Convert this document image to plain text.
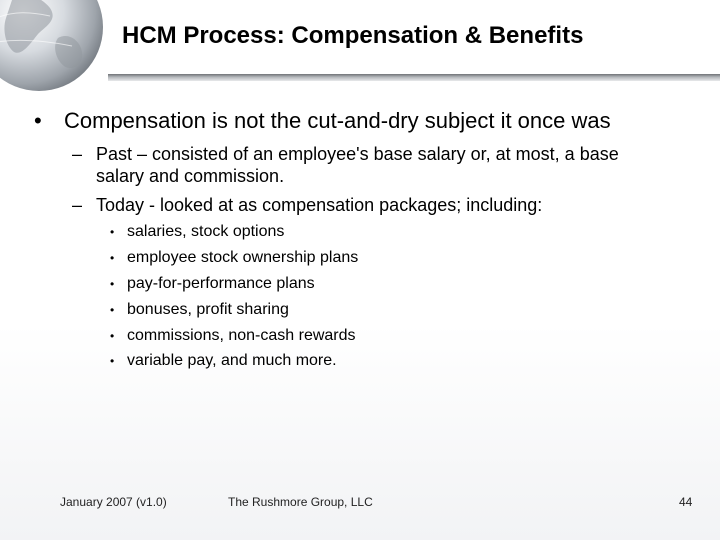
HCM Process: Compensation & Benefits
• Compensation is not the cut-and-dry subject it once was
– Past – consisted of an employee's base salary or, at most, a base salary and commission.
– Today - looked at as compensation packages; including:
• salaries, stock options
• employee stock ownership plans
• pay-for-performance plans
• bonuses, profit sharing
• commissions, non-cash rewards
• variable pay, and much more.
January 2007 (v1.0)	The Rushmore Group, LLC	44
